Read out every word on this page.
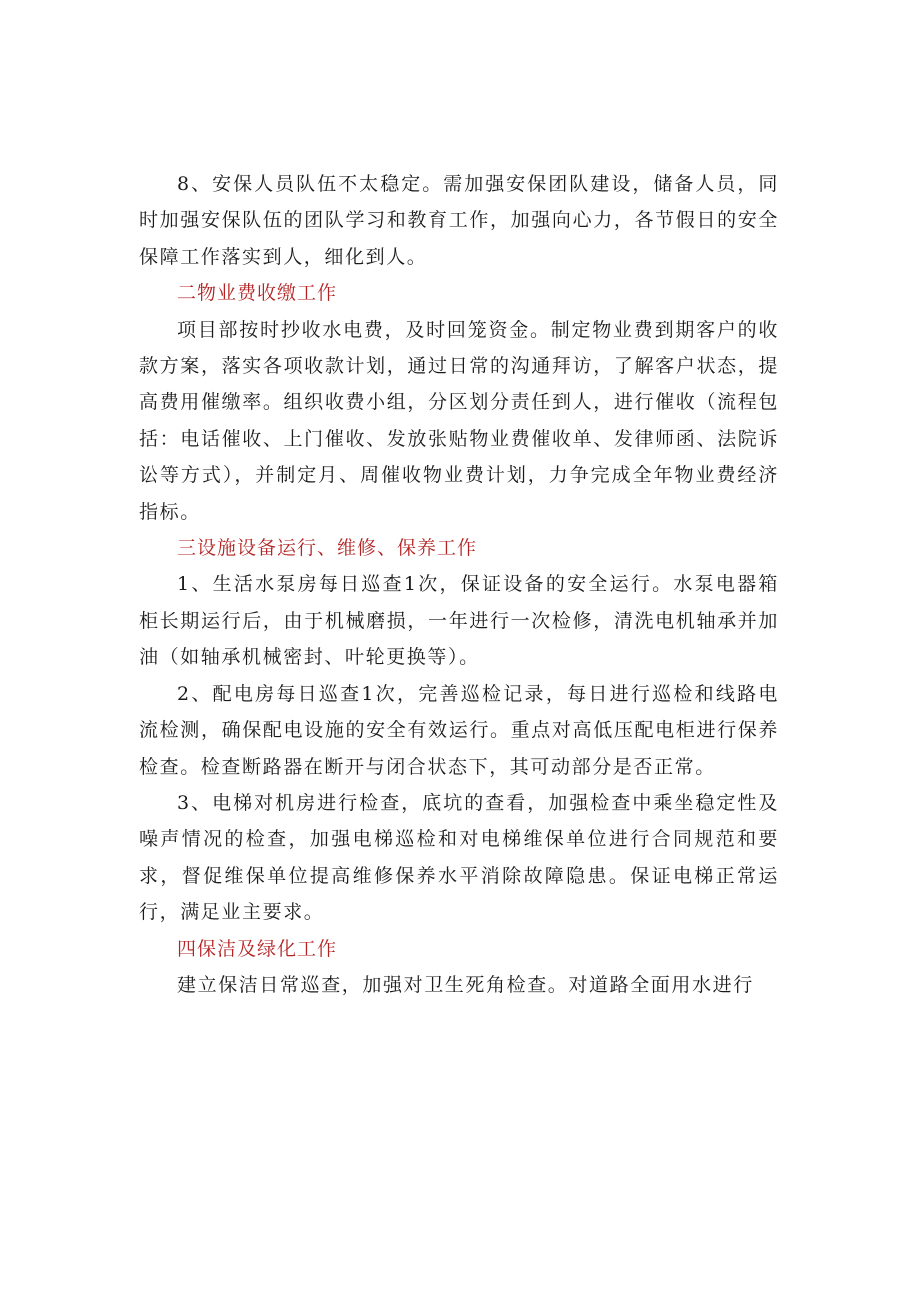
8、安保人员队伍不太稳定。需加强安保团队建设，储备人员，同时加强安保队伍的团队学习和教育工作，加强向心力，各节假日的安全保障工作落实到人，细化到人。

二物业费收缴工作

项目部按时抄收水电费，及时回笼资金。制定物业费到期客户的收款方案，落实各项收款计划，通过日常的沟通拜访，了解客户状态，提高费用催缴率。组织收费小组，分区划分责任到人，进行催收（流程包括：电话催收、上门催收、发放张贴物业费催收单、发律师函、法院诉讼等方式），并制定月、周催收物业费计划，力争完成全年物业费经济指标。

三设施设备运行、维修、保养工作

1、生活水泵房每日巡查1次，保证设备的安全运行。水泵电器箱柜长期运行后，由于机械磨损，一年进行一次检修，清洗电机轴承并加油（如轴承机械密封、叶轮更换等）。

2、配电房每日巡查1次，完善巡检记录，每日进行巡检和线路电流检测，确保配电设施的安全有效运行。重点对高低压配电柜进行保养检查。检查断路器在断开与闭合状态下，其可动部分是否正常。

3、电梯对机房进行检查，底坑的查看，加强检查中乘坐稳定性及噪声情况的检查，加强电梯巡检和对电梯维保单位进行合同规范和要求，督促维保单位提高维修保养水平消除故障隐患。保证电梯正常运行，满足业主要求。

四保洁及绿化工作

建立保洁日常巡查，加强对卫生死角检查。对道路全面用水进行
